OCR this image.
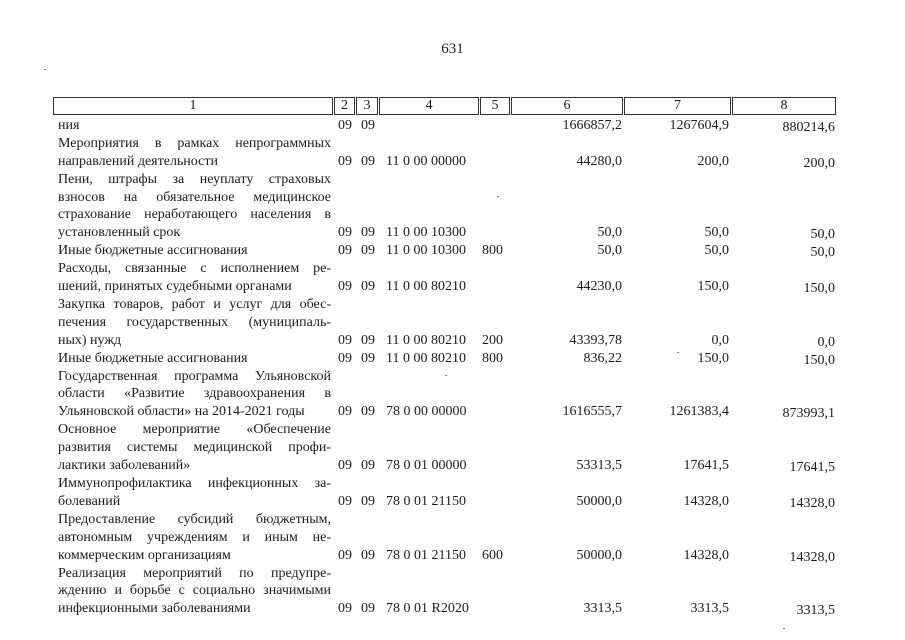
631
1	2	3	4	5	6	7	8
ния	09 09	1666857,2	1267604,9	880214,6
Мероприятия в рамках непрограммных
направлений деятельности	09 09 11 0 00 00000	44280,0	200,0	200,0
Пени, штрафы за неуплату страховых
взносов на обязательное медицинское
страхование неработающего населения в
установленный срок	09 09 11 0 00 10300	50,0	50,0	50,0
Иные бюджетные ассигнования	09 09 11 0 00 10300 800	50,0	50,0	50,0
Расходы, связанные с исполнением ре-
шений, принятых судебными органами	09 09 11 0 00 80210	44230,0	150,0	150,0
Закупка товаров, работ и услуг для обес-
печения государственных (муниципаль-
ных) нужд	09 09 11 0 00 80210 200	43393,78	0,0	0,0
Иные бюджетные ассигнования	09 09 11 0 00 80210 800	836,22	150,0	150,0
Государственная программа Ульяновской
области «Развитие здравоохранения в
Ульяновской области» на 2014-2021 годы	09 09 78 0 00 00000	1616555,7	1261383,4	873993,1
Основное мероприятие «Обеспечение
развития системы медицинской профи-
лактики заболеваний»	09 09 78 0 01 00000	53313,5	17641,5	17641,5
Иммунопрофилактика инфекционных за-
болеваний	09 09 78 0 01 21150	50000,0	14328,0	14328,0
Предоставление субсидий бюджетным,
автономным учреждениям и иным не-
коммерческим организациям	09 09 78 0 01 21150 600	50000,0	14328,0	14328,0
Реализация мероприятий по предупре-
ждению и борьбе с социально значимыми
инфекционными заболеваниями	09 09 78 0 01 R2020	3313,5	3313,5	3313,5
